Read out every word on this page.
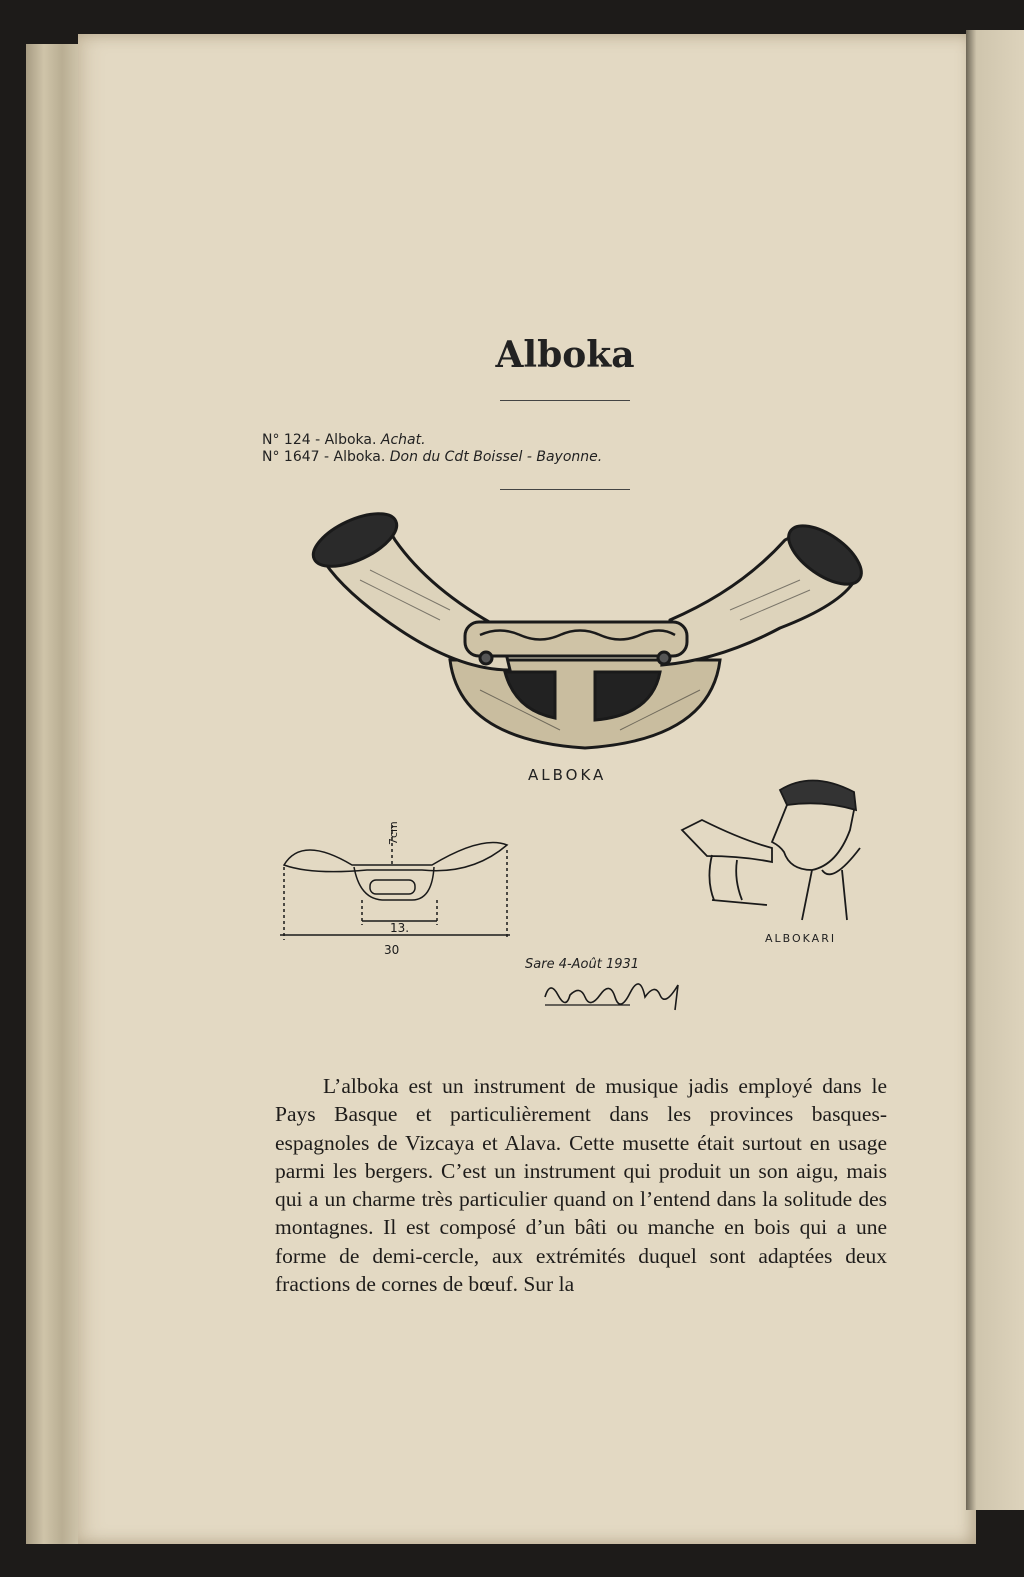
Alboka
N° 124 - Alboka. Achat.
N° 1647 - Alboka. Don du Cdt Boissel - Bayonne.
ALBOKA
7cm
13.
30
ALBOKARI
Sare 4-Août 1931

L’alboka est un instrument de musique jadis employé dans le Pays Basque et particulièrement dans les provinces basques-espagnoles de Vizcaya et Alava. Cette musette était surtout en usage parmi les bergers. C’est un instrument qui produit un son aigu, mais qui a un charme très particulier quand on l’entend dans la solitude des montagnes. Il est composé d’un bâti ou manche en bois qui a une forme de demi-cercle, aux extrémités duquel sont adaptées deux fractions de cornes de bœuf. Sur la
